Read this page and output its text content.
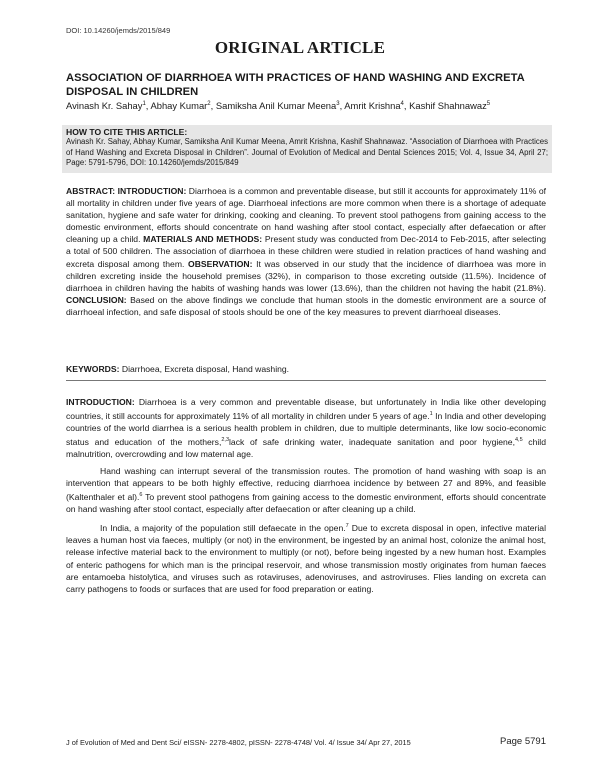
DOI: 10.14260/jemds/2015/849
ORIGINAL ARTICLE
ASSOCIATION OF DIARRHOEA WITH PRACTICES OF HAND WASHING AND EXCRETA DISPOSAL IN CHILDREN
Avinash Kr. Sahay$^1$, Abhay Kumar$^2$, Samiksha Anil Kumar Meena$^3$, Amrit Krishna$^4$, Kashif Shahnawaz$^5$
HOW TO CITE THIS ARTICLE:
Avinash Kr. Sahay, Abhay Kumar, Samiksha Anil Kumar Meena, Amrit Krishna, Kashif Shahnawaz. “Association of Diarrhoea with Practices of Hand Washing and Excreta Disposal in Children”. Journal of Evolution of Medical and Dental Sciences 2015; Vol. 4, Issue 34, April 27; Page: 5791-5796, DOI: 10.14260/jemds/2015/849
ABSTRACT: INTRODUCTION: Diarrhoea is a common and preventable disease, but still it accounts for approximately 11% of all mortality in children under five years of age. Diarrhoeal infections are more common when there is a shortage of adequate sanitation, hygiene and safe water for drinking, cooking and cleaning. To prevent stool pathogens from gaining access to the domestic environment, efforts should concentrate on hand washing after stool contact, especially after defaecation or after cleaning up a child. MATERIALS AND METHODS: Present study was conducted from Dec-2014 to Feb-2015, after selecting a total of 500 children. The association of diarrhoea in these children were studied in relation practices of hand washing and excreta disposal among them. OBSERVATION: It was observed in our study that the incidence of diarrhoea was more in children excreting inside the household premises (32%), in comparison to those excreting outside (11.5%). Incidence of diarrhoea in children having the habits of washing hands was lower (13.6%), than the children not having the habit (21.8%). CONCLUSION: Based on the above findings we conclude that human stools in the domestic environment are a source of diarrhoeal infection, and safe disposal of stools should be one of the key measures to prevent diarrhoeal diseases.
KEYWORDS: Diarrhoea, Excreta disposal, Hand washing.

INTRODUCTION: Diarrhoea is a very common and preventable disease, but unfortunately in India like other developing countries, it still accounts for approximately 11% of all mortality in children under 5 years of age.$^1$ In India and other developing countries of the world diarrhea is a serious health problem in children, due to multiple determinants, like low socio-economic status and education of the mothers,$^{2,3}$lack of safe drinking water, inadequate sanitation and poor hygiene,$^{4,5}$ child malnutrition, overcrowding and low maternal age.

Hand washing can interrupt several of the transmission routes. The promotion of hand washing with soap is an intervention that appears to be both highly effective, reducing diarrhoea incidence by between 27 and 89%, and feasible (Kaltenthaler et al).$^6$ To prevent stool pathogens from gaining access to the domestic environment, efforts should concentrate on hand washing after stool contact, especially after defaecation or after cleaning up a child.

In India, a majority of the population still defaecate in the open.$^7$ Due to excreta disposal in open, infective material leaves a human host via faeces, multiply (or not) in the environment, be ingested by an animal host, colonize the animal host, release infective material back to the environment to multiply (or not), before being ingested by a new human host. Examples of enteric pathogens for which man is the principal reservoir, and whose transmission mostly originates from human faeces are entamoeba histolytica, and viruses such as rotaviruses, adenoviruses, and astroviruses. Flies landing on excreta can carry pathogens to foods or surfaces that are used for food preparation or eating.

J of Evolution of Med and Dent Sci/ eISSN- 2278-4802, pISSN- 2278-4748/ Vol. 4/ Issue 34/ Apr 27, 2015	Page 5791
